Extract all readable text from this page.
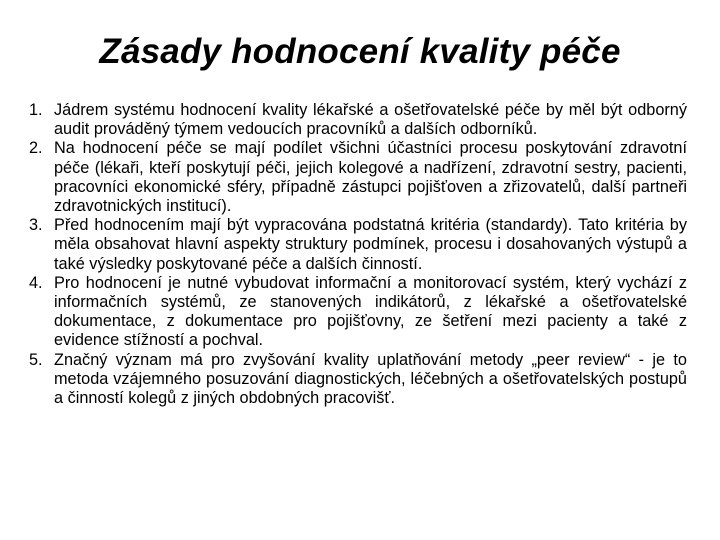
Zásady hodnocení kvality péče
1. Jádrem systému hodnocení kvality lékařské a ošetřovatelské péče by měl být odborný audit prováděný týmem vedoucích pracovníků a dalších odborníků.
2. Na hodnocení péče se mají podílet všichni účastníci procesu poskytování zdravotní péče (lékaři, kteří poskytují péči, jejich kolegové a nadřízení, zdravotní sestry, pacienti, pracovníci ekonomické sféry, případně zástupci pojišťoven a zřizovatelů, další partneři zdravotnických institucí).
3. Před hodnocením mají být vypracována podstatná kritéria (standardy). Tato kritéria by měla obsahovat hlavní aspekty struktury podmínek, procesu i dosahovaných výstupů a také výsledky poskytované péče a dalších činností.
4. Pro hodnocení je nutné vybudovat informační a monitorovací systém, který vychází z informačních systémů, ze stanovených indikátorů, z lékařské a ošetřovatelské dokumentace, z dokumentace pro pojišťovny, ze šetření mezi pacienty a také z evidence stížností a pochval.
5. Značný význam má pro zvyšování kvality uplatňování metody „peer review“ - je to metoda vzájemného posuzování diagnostických, léčebných a ošetřovatelských postupů a činností kolegů z jiných obdobných pracovišť.
